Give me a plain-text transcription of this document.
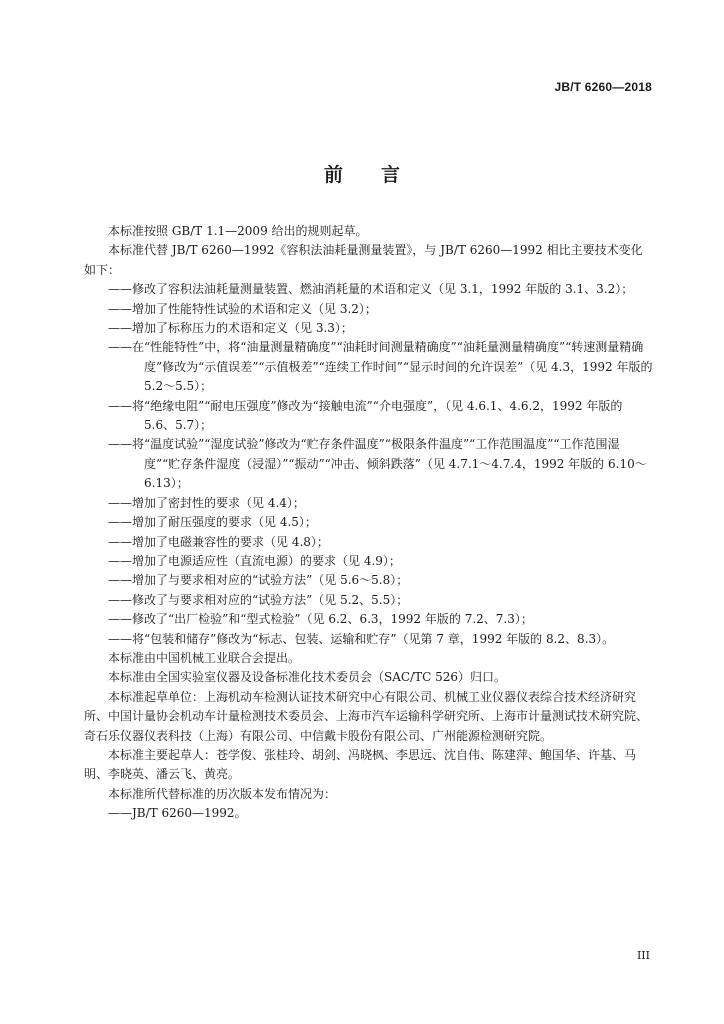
JB/T 6260—2018
前言

本标准按照 GB/T 1.1—2009 给出的规则起草。

本标准代替 JB/T 6260—1992《容积法油耗量测量装置》，与 JB/T 6260—1992 相比主要技术变化如下：

——修改了容积法油耗量测量装置、燃油消耗量的术语和定义（见 3.1，1992 年版的 3.1、3.2）；

——增加了性能特性试验的术语和定义（见 3.2）；

——增加了标称压力的术语和定义（见 3.3）；

——在“性能特性”中，将“油量测量精确度”“油耗时间测量精确度”“油耗量测量精确度”“转速测量精确度”修改为“示值误差”“示值极差”“连续工作时间”“显示时间的允许误差”（见 4.3，1992 年版的 5.2～5.5）；

——将“绝缘电阻”“耐电压强度”修改为“接触电流”“介电强度”，（见 4.6.1、4.6.2，1992 年版的 5.6、5.7）；

——将“温度试验”“湿度试验”修改为“贮存条件温度”“极限条件温度”“工作范围温度”“工作范围湿度”“贮存条件湿度（浸湿）”“振动”“冲击、倾斜跌落”（见 4.7.1～4.7.4，1992 年版的 6.10～6.13）；

——增加了密封性的要求（见 4.4）；

——增加了耐压强度的要求（见 4.5）；

——增加了电磁兼容性的要求（见 4.8）；

——增加了电源适应性（直流电源）的要求（见 4.9）；

——增加了与要求相对应的“试验方法”（见 5.6～5.8）；

——修改了与要求相对应的“试验方法”（见 5.2、5.5）；

——修改了“出厂检验”和“型式检验”（见 6.2、6.3，1992 年版的 7.2、7.3）；

——将“包装和储存”修改为“标志、包装、运输和贮存”（见第 7 章，1992 年版的 8.2、8.3）。

本标准由中国机械工业联合会提出。

本标准由全国实验室仪器及设备标准化技术委员会（SAC/TC 526）归口。

本标准起草单位：上海机动车检测认证技术研究中心有限公司、机械工业仪器仪表综合技术经济研究所、中国计量协会机动车计量检测技术委员会、上海市汽车运输科学研究所、上海市计量测试技术研究院、奇石乐仪器仪表科技（上海）有限公司、中信戴卡股份有限公司、广州能源检测研究院。

本标准主要起草人：苍学俊、张桂玲、胡剑、冯晓枫、李思远、沈自伟、陈建萍、鲍国华、许基、马明、李晓英、潘云飞、黄亮。

本标准所代替标准的历次版本发布情况为：

——JB/T 6260—1992。

III
